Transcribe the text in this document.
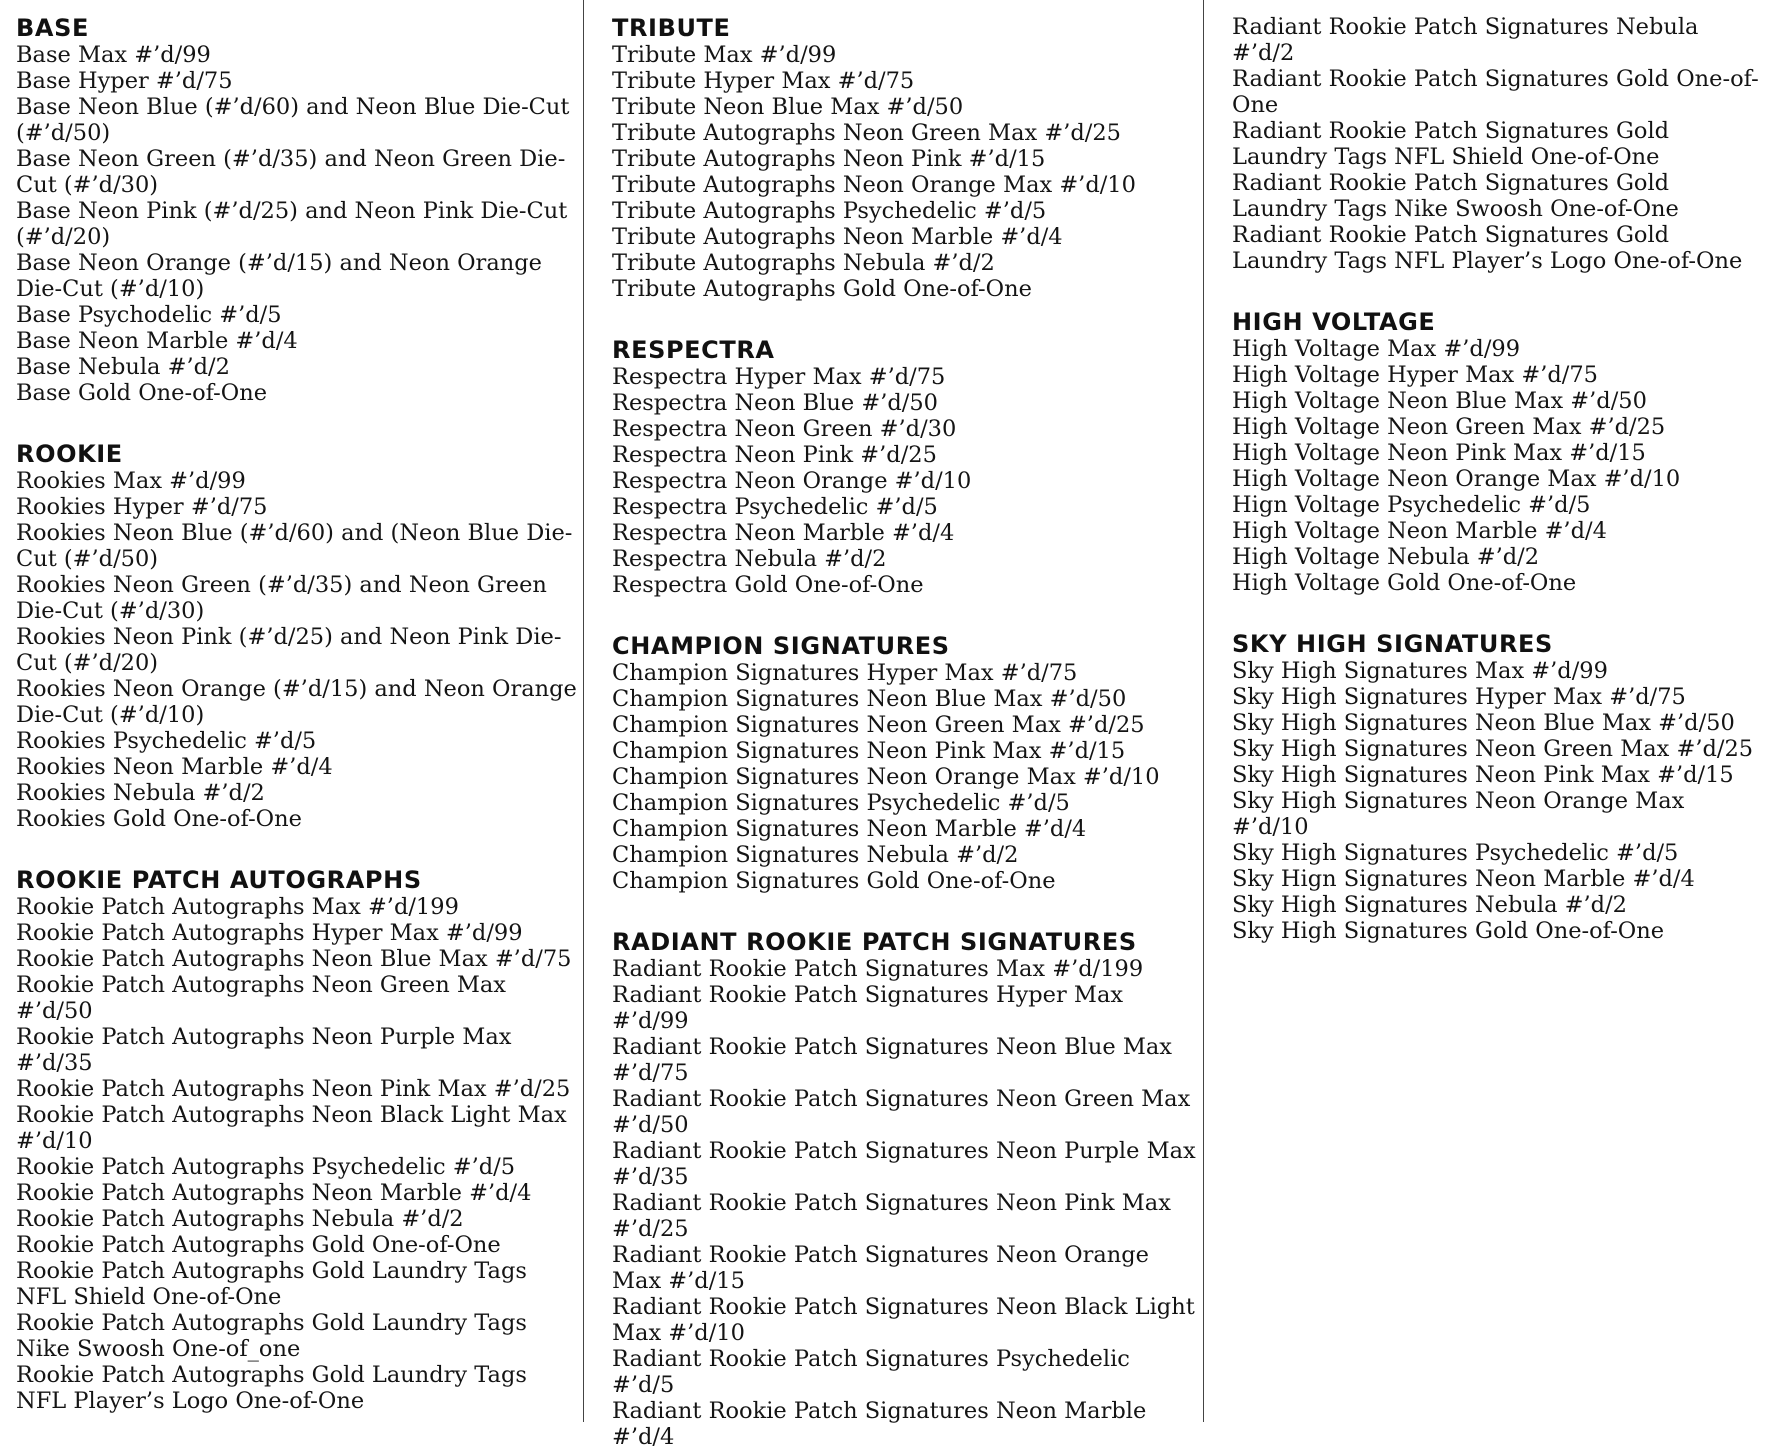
BASE
Base Max #’d/99
Base Hyper #’d/75
Base Neon Blue (#’d/60) and Neon Blue Die-Cut (#’d/50)
Base Neon Green (#’d/35) and Neon Green Die-Cut (#’d/30)
Base Neon Pink (#’d/25) and Neon Pink Die-Cut (#’d/20)
Base Neon Orange (#’d/15) and Neon Orange Die-Cut (#’d/10)
Base Psychodelic #’d/5
Base Neon Marble #’d/4
Base Nebula #’d/2
Base Gold One-of-One
ROOKIE
Rookies Max #’d/99
Rookies Hyper #’d/75
Rookies Neon Blue (#’d/60) and (Neon Blue Die-Cut (#’d/50)
Rookies Neon Green (#’d/35) and Neon Green Die-Cut (#’d/30)
Rookies Neon Pink (#’d/25) and Neon Pink Die-Cut (#’d/20)
Rookies Neon Orange (#’d/15) and Neon Orange Die-Cut (#’d/10)
Rookies Psychedelic #’d/5
Rookies Neon Marble #’d/4
Rookies Nebula #’d/2
Rookies Gold One-of-One
ROOKIE PATCH AUTOGRAPHS
Rookie Patch Autographs Max #’d/199
Rookie Patch Autographs Hyper Max #’d/99
Rookie Patch Autographs Neon Blue Max #’d/75
Rookie Patch Autographs Neon Green Max #’d/50
Rookie Patch Autographs Neon Purple Max #’d/35
Rookie Patch Autographs Neon Pink Max #’d/25
Rookie Patch Autographs Neon Black Light Max #’d/10
Rookie Patch Autographs Psychedelic #’d/5
Rookie Patch Autographs Neon Marble #’d/4
Rookie Patch Autographs Nebula #’d/2
Rookie Patch Autographs Gold One-of-One
Rookie Patch Autographs Gold Laundry Tags NFL Shield One-of-One
Rookie Patch Autographs Gold Laundry Tags Nike Swoosh One-of_one
Rookie Patch Autographs Gold Laundry Tags NFL Player’s Logo One-of-One
TRIBUTE
Tribute Max #’d/99
Tribute Hyper Max #’d/75
Tribute Neon Blue Max #’d/50
Tribute Autographs Neon Green Max #’d/25
Tribute Autographs Neon Pink #’d/15
Tribute Autographs Neon Orange Max #’d/10
Tribute Autographs Psychedelic #’d/5
Tribute Autographs Neon Marble #’d/4
Tribute Autographs Nebula #’d/2
Tribute Autographs Gold One-of-One
RESPECTRA
Respectra Hyper Max #’d/75
Respectra Neon Blue #’d/50
Respectra Neon Green #’d/30
Respectra Neon Pink #’d/25
Respectra Neon Orange #’d/10
Respectra Psychedelic #’d/5
Respectra Neon Marble #’d/4
Respectra Nebula #’d/2
Respectra Gold One-of-One
CHAMPION SIGNATURES
Champion Signatures Hyper Max #’d/75
Champion Signatures Neon Blue Max #’d/50
Champion Signatures Neon Green Max #’d/25
Champion Signatures Neon Pink Max #’d/15
Champion Signatures Neon Orange Max #’d/10
Champion Signatures Psychedelic #’d/5
Champion Signatures Neon Marble #’d/4
Champion Signatures Nebula #’d/2
Champion Signatures Gold One-of-One
RADIANT ROOKIE PATCH SIGNATURES
Radiant Rookie Patch Signatures Max #’d/199
Radiant Rookie Patch Signatures Hyper Max #’d/99
Radiant Rookie Patch Signatures Neon Blue Max #’d/75
Radiant Rookie Patch Signatures Neon Green Max #’d/50
Radiant Rookie Patch Signatures Neon Purple Max #’d/35
Radiant Rookie Patch Signatures Neon Pink Max #’d/25
Radiant Rookie Patch Signatures Neon Orange Max #’d/15
Radiant Rookie Patch Signatures Neon Black Light Max #’d/10
Radiant Rookie Patch Signatures Psychedelic #’d/5
Radiant Rookie Patch Signatures Neon Marble #’d/4
Radiant Rookie Patch Signatures Nebula #’d/2
Radiant Rookie Patch Signatures Gold One-of-One
Radiant Rookie Patch Signatures Gold Laundry Tags NFL Shield One-of-One
Radiant Rookie Patch Signatures Gold Laundry Tags Nike Swoosh One-of-One
Radiant Rookie Patch Signatures Gold Laundry Tags NFL Player’s Logo One-of-One
HIGH VOLTAGE
High Voltage Max #’d/99
High Voltage Hyper Max #’d/75
High Voltage Neon Blue Max #’d/50
High Voltage Neon Green Max #’d/25
High Voltage Neon Pink Max #’d/15
High Voltage Neon Orange Max #’d/10
Hign Voltage Psychedelic #’d/5
High Voltage Neon Marble #’d/4
High Voltage Nebula #’d/2
High Voltage Gold One-of-One
SKY HIGH SIGNATURES
Sky High Signatures Max #’d/99
Sky High Signatures Hyper Max #’d/75
Sky High Signatures Neon Blue Max #’d/50
Sky High Signatures Neon Green Max #’d/25
Sky High Signatures Neon Pink Max #’d/15
Sky High Signatures Neon Orange Max #’d/10
Sky High Signatures Psychedelic #’d/5
Sky Hign Signatures Neon Marble #’d/4
Sky High Signatures Nebula #’d/2
Sky High Signatures Gold One-of-One
